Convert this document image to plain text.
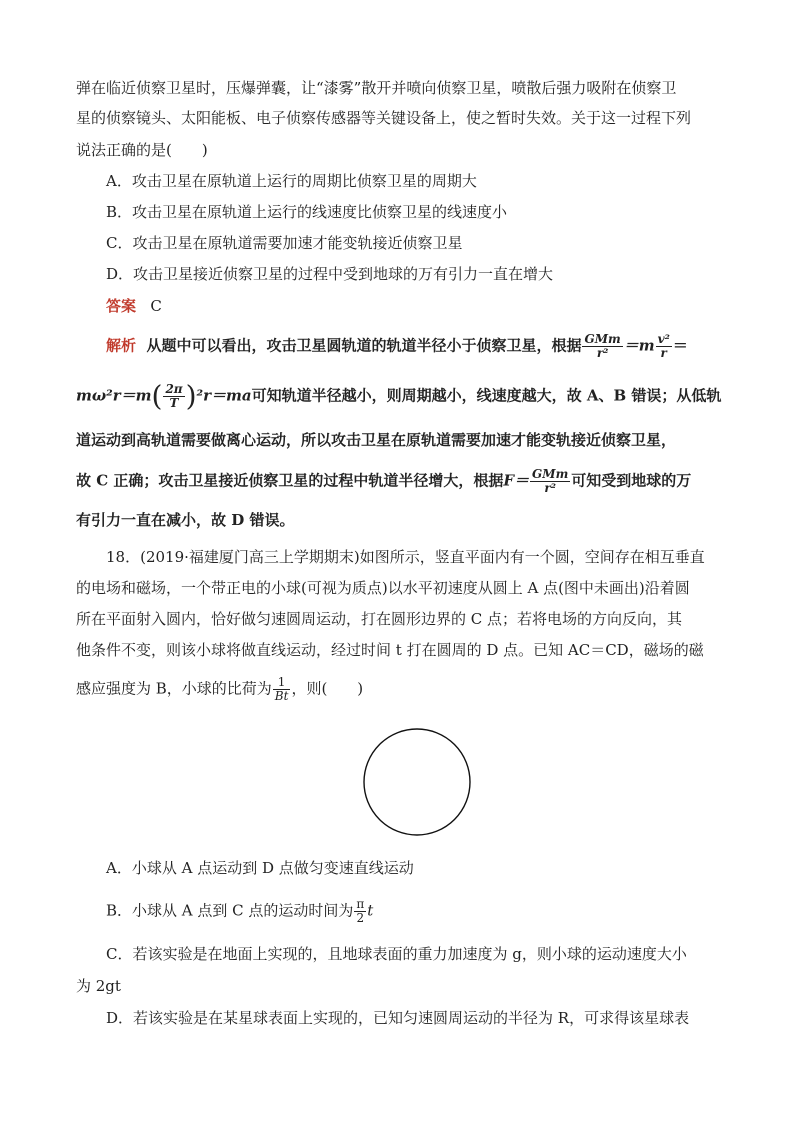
弹在临近侦察卫星时，压爆弹囊，让“漆雾”散开并喷向侦察卫星，喷散后强力吸附在侦察卫
星的侦察镜头、太阳能板、电子侦察传感器等关键设备上，使之暂时失效。关于这一过程下列
说法正确的是(　　)
A．攻击卫星在原轨道上运行的周期比侦察卫星的周期大
B．攻击卫星在原轨道上运行的线速度比侦察卫星的线速度小
C．攻击卫星在原轨道需要加速才能变轨接近侦察卫星
D．攻击卫星接近侦察卫星的过程中受到地球的万有引力一直在增大
答案 C
解析 从题中可以看出，攻击卫星圆轨道的轨道半径小于侦察卫星，根据 $\frac{\text{GMm}}{\text{r²}} =m \frac{\text{v²}}{r}$ ＝
$m\omega^2r=m( \frac{2\pi}{T} )^2r=ma$可知轨道半径越小，则周期越小，线速度越大，故 A、B 错误；从低轨
道运动到高轨道需要做离心运动，所以攻击卫星在原轨道需要加速才能变轨接近侦察卫星，
故 C 正确；攻击卫星接近侦察卫星的过程中轨道半径增大，根据$F= \frac{\text{GMm}}{\text{r²}}$ 可知受到地球的万
有引力一直在减小，故 D 错误。
18．(2019·福建厦门高三上学期期末)如图所示，竖直平面内有一个圆，空间存在相互垂直
的电场和磁场，一个带正电的小球(可视为质点)以水平初速度从圆上 A 点(图中未画出)沿着圆
所在平面射入圆内，恰好做匀速圆周运动，打在圆形边界的 C 点；若将电场的方向反向，其
他条件不变，则该小球将做直线运动，经过时间 t 打在圆周的 D 点。已知 AC＝CD，磁场的磁
感应强度为 B，小球的比荷为 $\frac{1}{Bt}$ ，则(　　)
A．小球从 A 点运动到 D 点做匀变速直线运动
B．小球从 A 点到 C 点的运动时间为 $\frac{\pi}{2}$ t
C．若该实验是在地面上实现的，且地球表面的重力加速度为 g，则小球的运动速度大小
为 2gt
D．若该实验是在某星球表面上实现的，已知匀速圆周运动的半径为 R，可求得该星球表
